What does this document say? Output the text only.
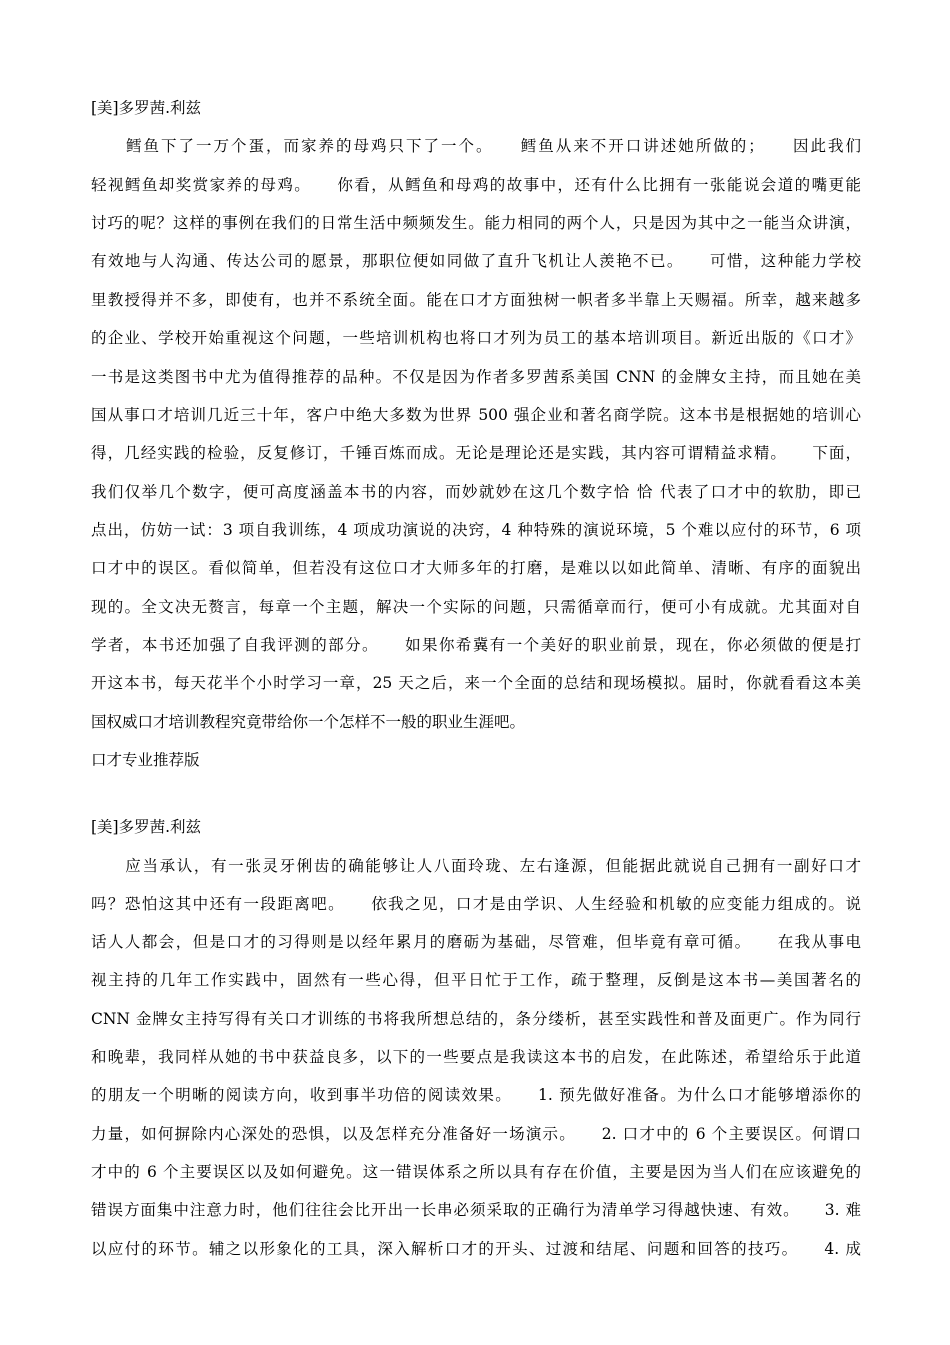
[美]多罗茜.利兹
　　鳕鱼下了一万个蛋，而家养的母鸡只下了一个。　　鳕鱼从来不开口讲述她所做的；　　因此我们
轻视鳕鱼却奖赏家养的母鸡。　　你看，从鳕鱼和母鸡的故事中，还有什么比拥有一张能说会道的嘴更能
讨巧的呢？这样的事例在我们的日常生活中频频发生。能力相同的两个人，只是因为其中之一能当众讲演，
有效地与人沟通、传达公司的愿景，那职位便如同做了直升飞机让人羡艳不已。　　可惜，这种能力学校
里教授得并不多，即使有，也并不系统全面。能在口才方面独树一帜者多半靠上天赐福。所幸，越来越多
的企业、学校开始重视这个问题，一些培训机构也将口才列为员工的基本培训项目。新近出版的《口才》
一书是这类图书中尤为值得推荐的品种。不仅是因为作者多罗茜系美国 CNN 的金牌女主持，而且她在美
国从事口才培训几近三十年，客户中绝大多数为世界 500 强企业和著名商学院。这本书是根据她的培训心
得，几经实践的检验，反复修订，千锤百炼而成。无论是理论还是实践，其内容可谓精益求精。　　下面，
我们仅举几个数字，便可高度涵盖本书的内容，而妙就妙在这几个数字恰 恰 代表了口才中的软肋，即已
点出，仿妨一试：3 项自我训练，4 项成功演说的决窍，4 种特殊的演说环境，5 个难以应付的环节，6 项
口才中的误区。看似简单，但若没有这位口才大师多年的打磨，是难以以如此简单、清晰、有序的面貌出
现的。全文决无赘言，每章一个主题，解决一个实际的问题，只需循章而行，便可小有成就。尤其面对自
学者，本书还加强了自我评测的部分。　　如果你希冀有一个美好的职业前景，现在，你必须做的便是打
开这本书，每天花半个小时学习一章，25 天之后，来一个全面的总结和现场模拟。届时，你就看看这本美
国权威口才培训教程究竟带给你一个怎样不一般的职业生涯吧。
口才专业推荐版
[美]多罗茜.利兹
　　应当承认，有一张灵牙俐齿的确能够让人八面玲珑、左右逢源，但能据此就说自己拥有一副好口才
吗？恐怕这其中还有一段距离吧。　　依我之见，口才是由学识、人生经验和机敏的应变能力组成的。说
话人人都会，但是口才的习得则是以经年累月的磨砺为基础，尽管难，但毕竟有章可循。　　在我从事电
视主持的几年工作实践中，固然有一些心得，但平日忙于工作，疏于整理，反倒是这本书—美国著名的
CNN 金牌女主持写得有关口才训练的书将我所想总结的，条分缕析，甚至实践性和普及面更广。作为同行
和晚辈，我同样从她的书中获益良多，以下的一些要点是我读这本书的启发，在此陈述，希望给乐于此道
的朋友一个明晰的阅读方向，收到事半功倍的阅读效果。　　1. 预先做好准备。为什么口才能够增添你的
力量，如何摒除内心深处的恐惧，以及怎样充分准备好一场演示。　　2. 口才中的 6 个主要误区。何谓口
才中的 6 个主要误区以及如何避免。这一错误体系之所以具有存在价值，主要是因为当人们在应该避免的
错误方面集中注意力时，他们往往会比开出一长串必须采取的正确行为清单学习得越快速、有效。　　3. 难
以应付的环节。辅之以形象化的工具，深入解析口才的开头、过渡和结尾、问题和回答的技巧。　　4. 成
